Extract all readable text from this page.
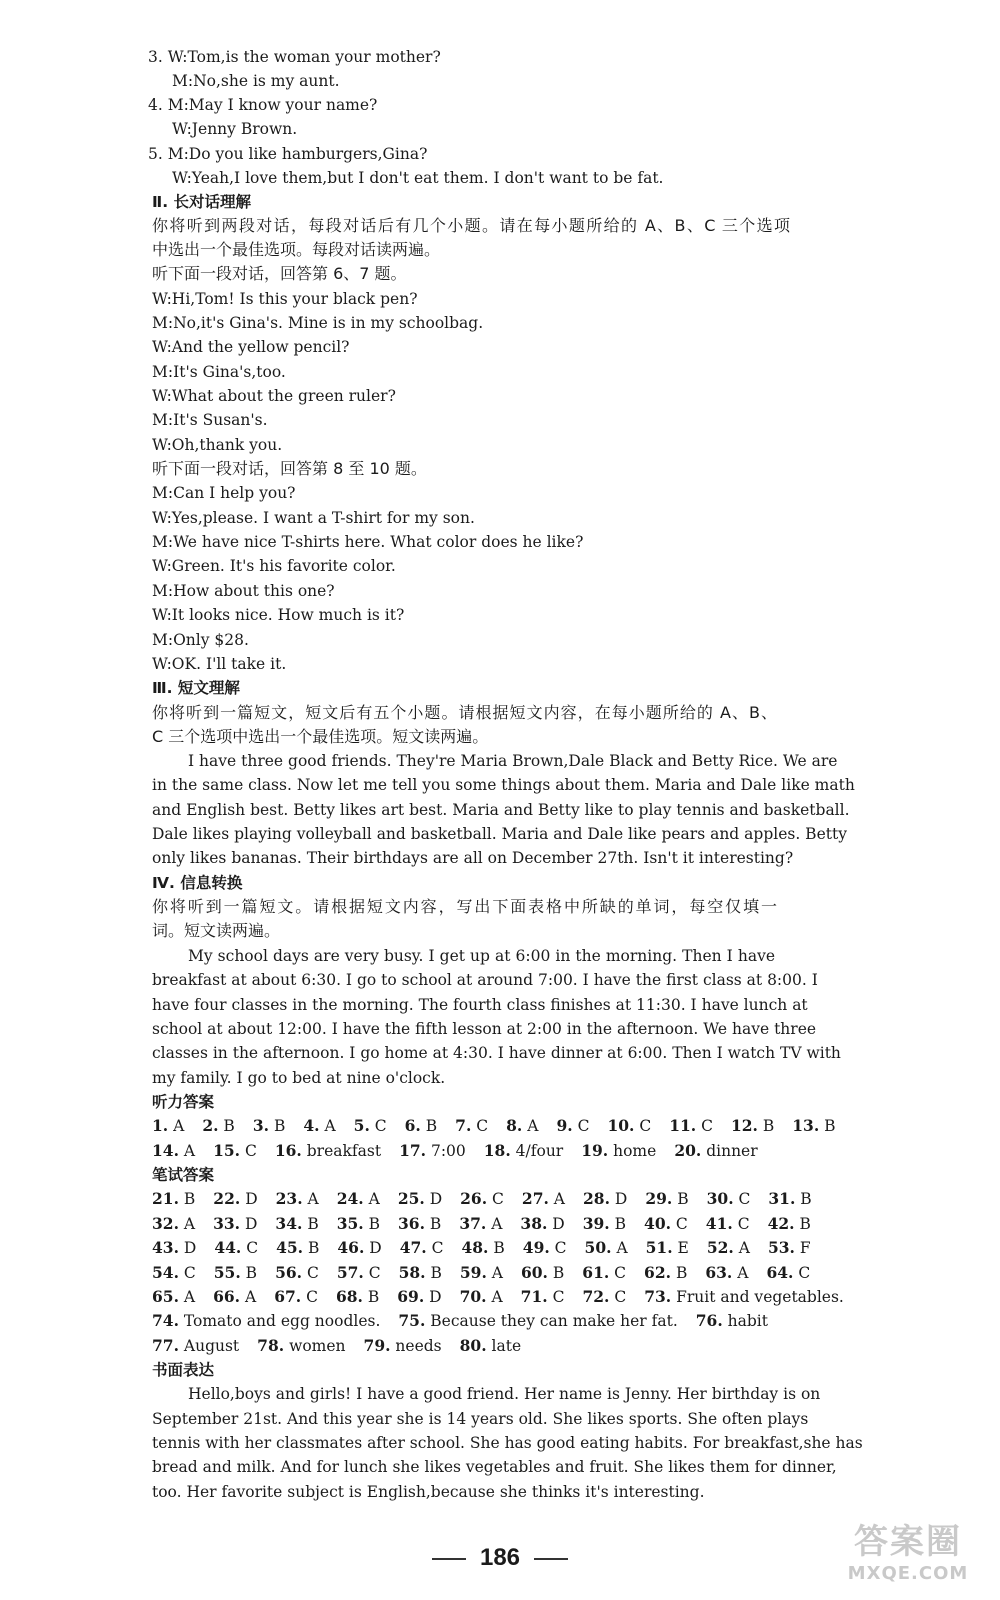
3. W:Tom,is the woman your mother?
M:No,she is my aunt.
4. M:May I know your name?
W:Jenny Brown.
5. M:Do you like hamburgers,Gina?
W:Yeah,I love them,but I don't eat them. I don't want to be fat.
Ⅱ. 长对话理解
你将听到两段对话，每段对话后有几个小题。请在每小题所给的 A、B、C 三个选项
中选出一个最佳选项。每段对话读两遍。
听下面一段对话，回答第 6、7 题。
W:Hi,Tom! Is this your black pen?
M:No,it's Gina's. Mine is in my schoolbag.
W:And the yellow pencil?
M:It's Gina's,too.
W:What about the green ruler?
M:It's Susan's.
W:Oh,thank you.
听下面一段对话，回答第 8 至 10 题。
M:Can I help you?
W:Yes,please. I want a T-shirt for my son.
M:We have nice T-shirts here. What color does he like?
W:Green. It's his favorite color.
M:How about this one?
W:It looks nice. How much is it?
M:Only $28.
W:OK. I'll take it.
Ⅲ. 短文理解
你将听到一篇短文，短文后有五个小题。请根据短文内容，在每小题所给的 A、B、
C 三个选项中选出一个最佳选项。短文读两遍。
I have three good friends. They're Maria Brown,Dale Black and Betty Rice. We are
in the same class. Now let me tell you some things about them. Maria and Dale like math
and English best. Betty likes art best. Maria and Betty like to play tennis and basketball.
Dale likes playing volleyball and basketball. Maria and Dale like pears and apples. Betty
only likes bananas. Their birthdays are all on December 27th. Isn't it interesting?
Ⅳ. 信息转换
你将听到一篇短文。请根据短文内容，写出下面表格中所缺的单词，每空仅填一
词。短文读两遍。
My school days are very busy. I get up at 6:00 in the morning. Then I have
breakfast at about 6:30. I go to school at around 7:00. I have the first class at 8:00. I
have four classes in the morning. The fourth class finishes at 11:30. I have lunch at
school at about 12:00. I have the fifth lesson at 2:00 in the afternoon. We have three
classes in the afternoon. I go home at 4:30. I have dinner at 6:00. Then I watch TV with
my family. I go to bed at nine o'clock.
听力答案
1. A 2. B 3. B 4. A 5. C 6. B 7. C 8. A 9. C 10. C 11. C 12. B 13. B
14. A 15. C 16. breakfast 17. 7:00 18. 4/four 19. home 20. dinner
笔试答案
21. B 22. D 23. A 24. A 25. D 26. C 27. A 28. D 29. B 30. C 31. B
32. A 33. D 34. B 35. B 36. B 37. A 38. D 39. B 40. C 41. C 42. B
43. D 44. C 45. B 46. D 47. C 48. B 49. C 50. A 51. E 52. A 53. F
54. C 55. B 56. C 57. C 58. B 59. A 60. B 61. C 62. B 63. A 64. C
65. A 66. A 67. C 68. B 69. D 70. A 71. C 72. C 73. Fruit and vegetables.
74. Tomato and egg noodles. 75. Because they can make her fat. 76. habit
77. August 78. women 79. needs 80. late
书面表达
Hello,boys and girls! I have a good friend. Her name is Jenny. Her birthday is on
September 21st. And this year she is 14 years old. She likes sports. She often plays
tennis with her classmates after school. She has good eating habits. For breakfast,she has
bread and milk. And for lunch she likes vegetables and fruit. She likes them for dinner,
too. Her favorite subject is English,because she thinks it's interesting.
186	答案圈
MXQE.COM
